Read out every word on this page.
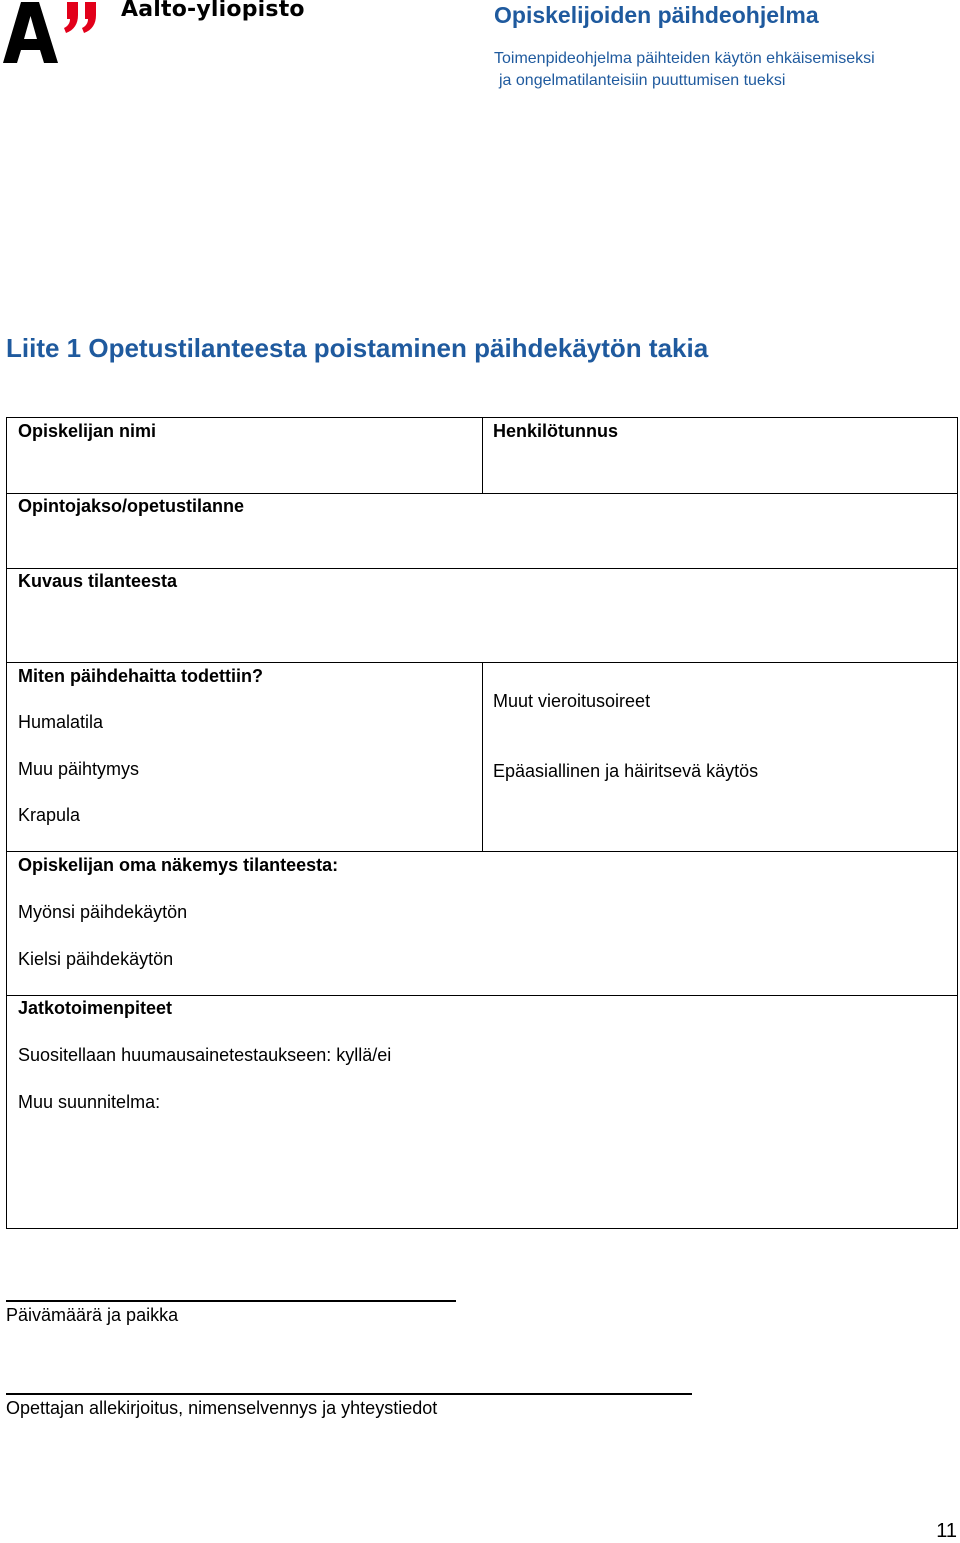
Aalto-yliopisto	Opiskelijoiden päihdeohjelma
Toimenpideohjelma päihteiden käytön ehkäisemiseksi
ja ongelmatilanteisiin puuttumisen tueksi
Liite 1 Opetustilanteesta poistaminen päihdekäytön takia
Opiskelijan nimi	Henkilötunnus
Opintojakso/opetustilanne
Kuvaus tilanteesta
Miten päihdehaitta todettiin?
Humalatila
Muu päihtymys
Krapula
Muut vieroitusoireet
Epäasiallinen ja häiritsevä käytös
Opiskelijan oma näkemys tilanteesta:
Myönsi päihdekäytön
Kielsi päihdekäytön
Jatkotoimenpiteet
Suositellaan huumausainetestaukseen: kyllä/ei
Muu suunnitelma:
Päivämäärä ja paikka
Opettajan allekirjoitus, nimenselvennys ja yhteystiedot
11
